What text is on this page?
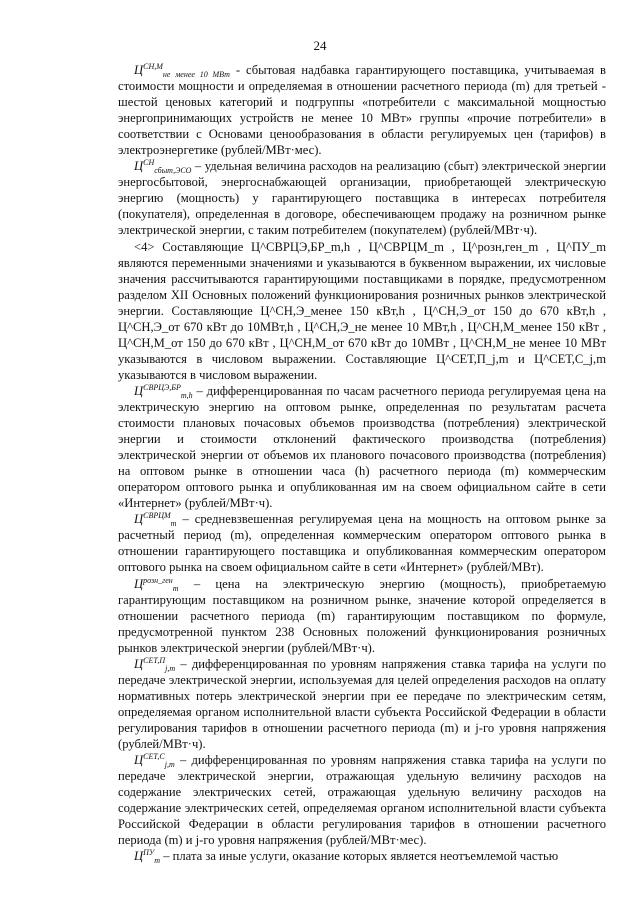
24

$Ц^{СН,М}_{не менее 10 МВт}$ - сбытовая надбавка гарантирующего поставщика, учитываемая в стоимости мощности и определяемая в отношении расчетного периода (m) для третьей - шестой ценовых категорий и подгруппы «потребители с максимальной мощностью энергопринимающих устройств не менее 10 МВт» группы «прочие потребители» в соответствии с Основами ценообразования в области регулируемых цен (тарифов) в электроэнергетике (рублей/МВт·мес).

$Ц^{СН}_{сбыт,ЭСО}$ – удельная величина расходов на реализацию (сбыт) электрической энергии энергосбытовой, энергоснабжающей организации, приобретающей электрическую энергию (мощность) у гарантирующего поставщика в интересах потребителя (покупателя), определенная в договоре, обеспечивающем продажу на розничном рынке электрической энергии, с таким потребителем (покупателем) (рублей/МВт·ч).

<4> Составляющие Ц^СВРЦЭ,БР_m,h , Ц^СВРЦМ_m , Ц^розн,ген_m , Ц^ПУ_m являются переменными значениями и указываются в буквенном выражении, их числовые значения рассчитываются гарантирующими поставщиками в порядке, предусмотренном разделом XII Основных положений функционирования розничных рынков электрической энергии. Составляющие Ц^СН,Э_менее 150 кВт,h , Ц^СН,Э_от 150 до 670 кВт,h , Ц^СН,Э_от 670 кВт до 10МВт,h , Ц^СН,Э_не менее 10 МВт,h , Ц^СН,М_менее 150 кВт , Ц^СН,М_от 150 до 670 кВт , Ц^СН,М_от 670 кВт до 10МВт , Ц^СН,М_не менее 10 МВт указываются в числовом выражении. Составляющие Ц^СЕТ,П_j,m и Ц^СЕТ,С_j,m указываются в числовом выражении.

$Ц^{СВРЦЭ,БР}_{m,h}$ – дифференцированная по часам расчетного периода регулируемая цена на электрическую энергию на оптовом рынке, определенная по результатам расчета стоимости плановых почасовых объемов производства (потребления) электрической энергии и стоимости отклонений фактического производства (потребления) электрической энергии от объемов их планового почасового производства (потребления) на оптовом рынке в отношении часа (h) расчетного периода (m) коммерческим оператором оптового рынка и опубликованная им на своем официальном сайте в сети «Интернет» (рублей/МВт·ч).

$Ц^{СВРЦМ}_m$ – средневзвешенная регулируемая цена на мощность на оптовом рынке за расчетный период (m), определенная коммерческим оператором оптового рынка в отношении гарантирующего поставщика и опубликованная коммерческим оператором оптового рынка на своем официальном сайте в сети «Интернет» (рублей/МВт).

$Ц^{розн\_ген}_m$ – цена на электрическую энергию (мощность), приобретаемую гарантирующим поставщиком на розничном рынке, значение которой определяется в отношении расчетного периода (m) гарантирующим поставщиком по формуле, предусмотренной пунктом 238 Основных положений функционирования розничных рынков электрической энергии (рублей/МВт·ч).

$Ц^{СЕТ,П}_{j,m}$ – дифференцированная по уровням напряжения ставка тарифа на услуги по передаче электрической энергии, используемая для целей определения расходов на оплату нормативных потерь электрической энергии при ее передаче по электрическим сетям, определяемая органом исполнительной власти субъекта Российской Федерации в области регулирования тарифов в отношении расчетного периода (m) и j-го уровня напряжения (рублей/МВт·ч).

$Ц^{СЕТ,С}_{j,m}$ – дифференцированная по уровням напряжения ставка тарифа на услуги по передаче электрической энергии, отражающая удельную величину расходов на содержание электрических сетей, отражающая удельную величину расходов на содержание электрических сетей, определяемая органом исполнительной власти субъекта Российской Федерации в области регулирования тарифов в отношении расчетного периода (m) и j-го уровня напряжения (рублей/МВт·мес).

$Ц^{ПУ}_m$ – плата за иные услуги, оказание которых является неотъемлемой частью
